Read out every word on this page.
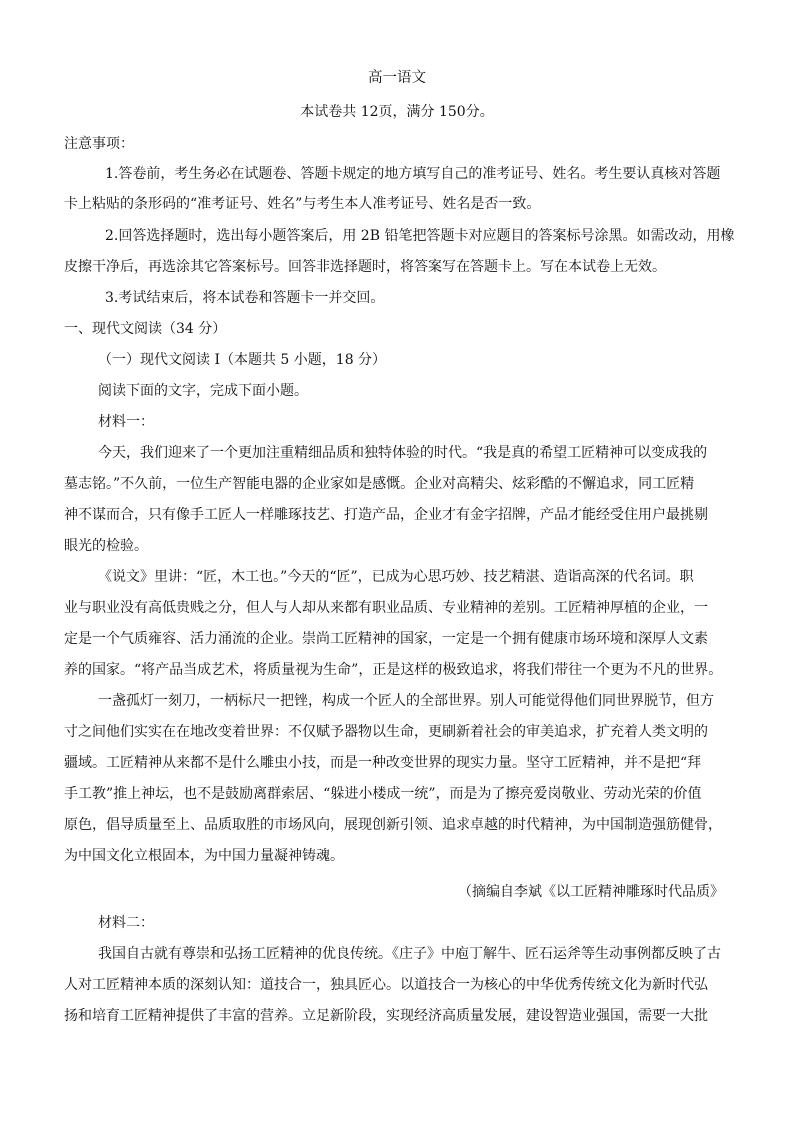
高一语文
本试卷共 12页，满分 150分。
注意事项：
1.答卷前，考生务必在试题卷、答题卡规定的地方填写自己的准考证号、姓名。考生要认真核对答题
卡上粘贴的条形码的“准考证号、姓名”与考生本人准考证号、姓名是否一致。
2.回答选择题时，选出每小题答案后，用 2B 铅笔把答题卡对应题目的答案标号涂黑。如需改动，用橡
皮擦干净后，再选涂其它答案标号。回答非选择题时，将答案写在答题卡上。写在本试卷上无效。
3.考试结束后，将本试卷和答题卡一并交回。
一、现代文阅读（34 分）
（一）现代文阅读 I（本题共 5 小题，18 分）
阅读下面的文字，完成下面小题。
材料一：
今天，我们迎来了一个更加注重精细品质和独特体验的时代。“我是真的希望工匠精神可以变成我的
墓志铭。”不久前，一位生产智能电器的企业家如是感慨。企业对高精尖、炫彩酷的不懈追求，同工匠精
神不谋而合，只有像手工匠人一样雕琢技艺、打造产品，企业才有金字招牌，产品才能经受住用户最挑剔
眼光的检验。
《说文》里讲：“匠，木工也。”今天的“匠”，已成为心思巧妙、技艺精湛、造诣高深的代名词。职
业与职业没有高低贵贱之分，但人与人却从来都有职业品质、专业精神的差别。工匠精神厚植的企业，一
定是一个气质雍容、活力涌流的企业。崇尚工匠精神的国家，一定是一个拥有健康市场环境和深厚人文素
养的国家。“将产品当成艺术，将质量视为生命”，正是这样的极致追求，将我们带往一个更为不凡的世界。
一盏孤灯一刻刀，一柄标尺一把锉，构成一个匠人的全部世界。别人可能觉得他们同世界脱节，但方
寸之间他们实实在在地改变着世界：不仅赋予器物以生命，更刷新着社会的审美追求，扩充着人类文明的
疆域。工匠精神从来都不是什么雕虫小技，而是一种改变世界的现实力量。坚守工匠精神，并不是把“拜
手工教”推上神坛，也不是鼓励离群索居、“躲进小楼成一统”，而是为了擦亮爱岗敬业、劳动光荣的价值
原色，倡导质量至上、品质取胜的市场风向，展现创新引领、追求卓越的时代精神，为中国制造强筋健骨，
为中国文化立根固本，为中国力量凝神铸魂。
（摘编自李斌《以工匠精神雕琢时代品质》
材料二：
我国自古就有尊崇和弘扬工匠精神的优良传统。《庄子》中庖丁解牛、匠石运斧等生动事例都反映了古
人对工匠精神本质的深刻认知：道技合一，独具匠心。以道技合一为核心的中华优秀传统文化为新时代弘
扬和培育工匠精神提供了丰富的营养。立足新阶段，实现经济高质量发展，建设智造业强国，需要一大批
